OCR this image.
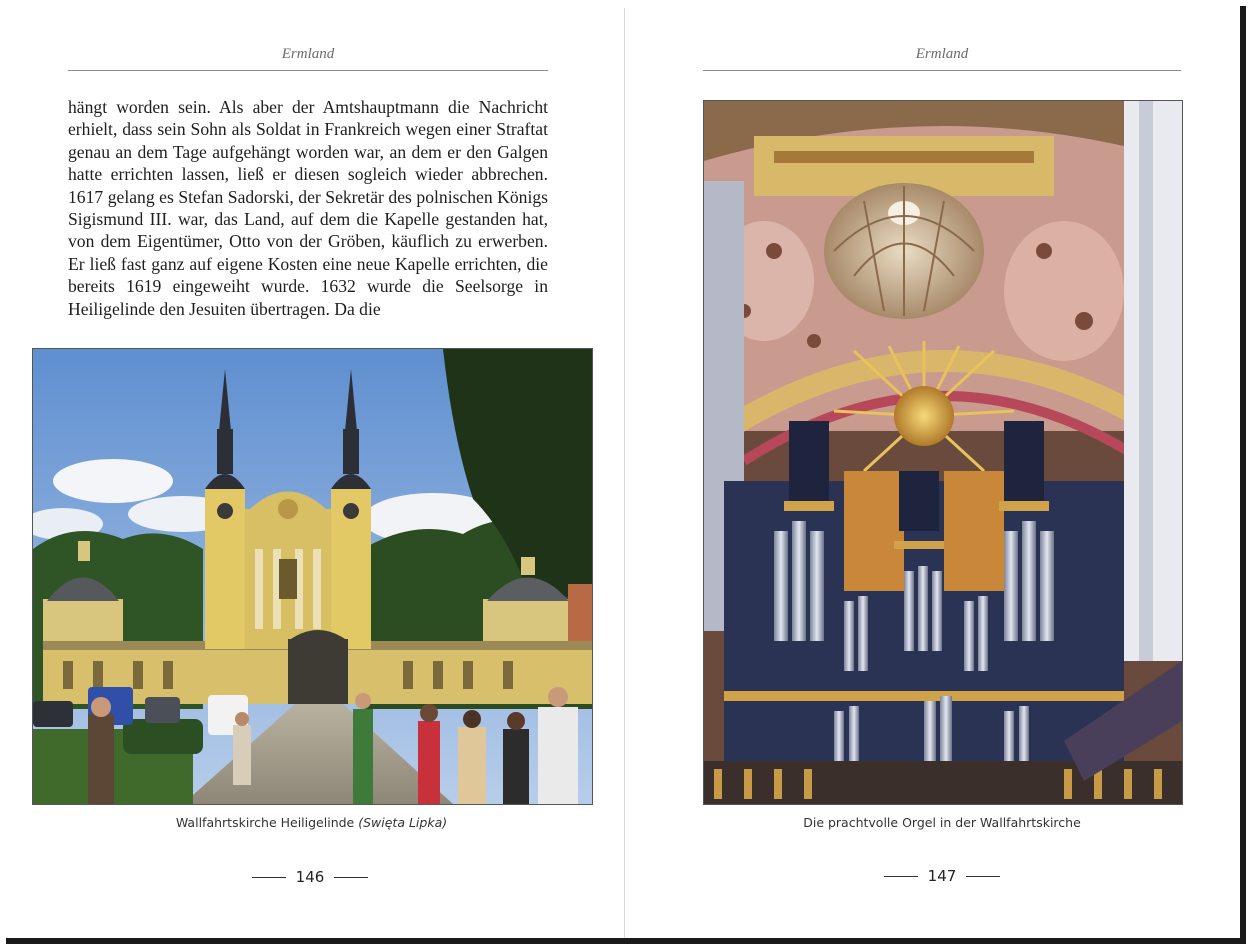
Ermland

hängt worden sein. Als aber der Amtshauptmann die Nachricht erhielt, dass sein Sohn als Soldat in Frankreich wegen einer Straftat genau an dem Tage aufgehängt worden war, an dem er den Galgen hatte errichten lassen, ließ er diesen sogleich wieder abbrechen. 1617 gelang es Stefan Sadorski, der Sekretär des polnischen Königs Sigismund III. war, das Land, auf dem die Kapelle gestanden hat, von dem Eigentümer, Otto von der Gröben, käuflich zu erwerben. Er ließ fast ganz auf eigene Kosten eine neue Kapelle errichten, die bereits 1619 eingeweiht wurde. 1632 wurde die Seelsorge in Heiligelinde den Jesuiten übertragen. Da die

Wallfahrtskirche Heiligelinde (Swięta Lipka)
146
Ermland
Die prachtvolle Orgel in der Wallfahrtskirche
147
